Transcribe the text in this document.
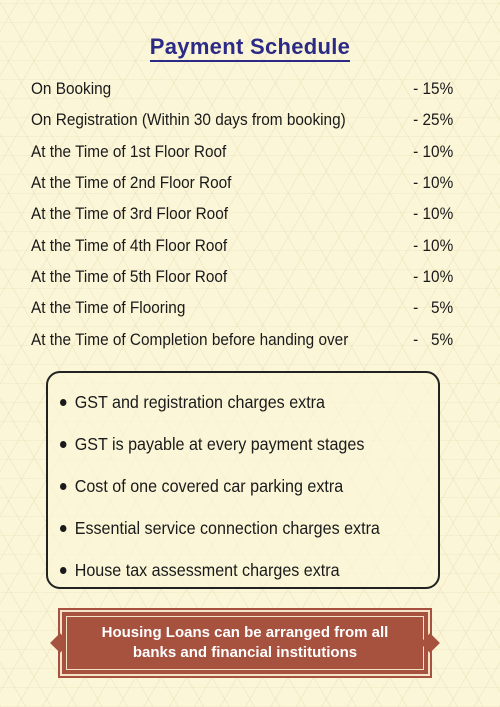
Payment Schedule
On Booking	- 15%
On Registration (Within 30 days from booking)	- 25%
At the Time of 1st Floor Roof	- 10%
At the Time of 2nd Floor Roof	- 10%
At the Time of 3rd Floor Roof	- 10%
At the Time of 4th Floor Roof	- 10%
At the Time of 5th Floor Roof	- 10%
At the Time of Flooring	-   5%
At the Time of Completion before handing over	-   5%
GST and registration charges extra
GST is payable at every payment stages
Cost of one covered car parking extra
Essential service connection charges extra
House tax assessment charges extra
Housing Loans can be arranged from all
banks and financial institutions
